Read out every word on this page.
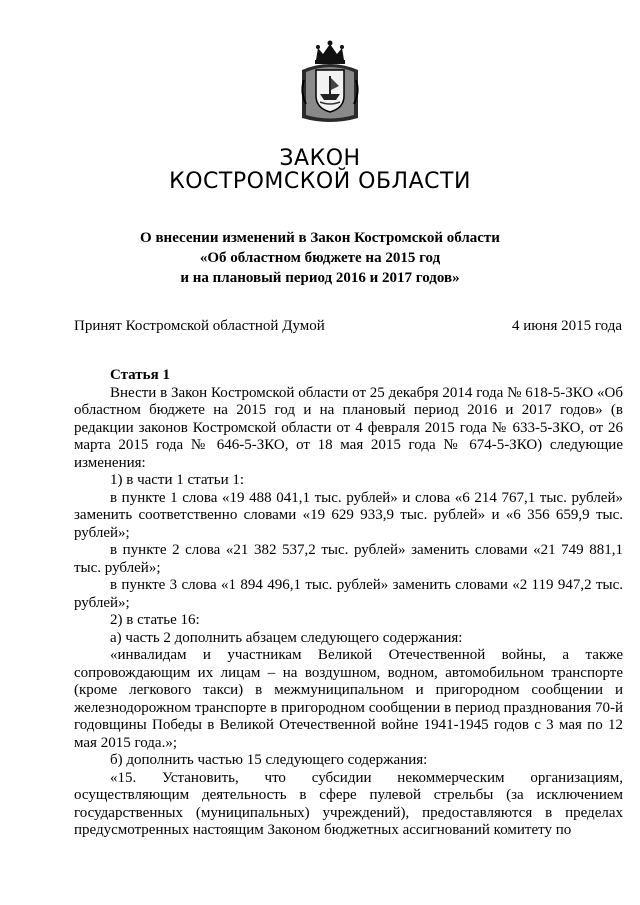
ЗАКОН
КОСТРОМСКОЙ ОБЛАСТИ
О внесении изменений в Закон Костромской области
«Об областном бюджете на 2015 год
и на плановый период 2016 и 2017 годов»
Принят Костромской областной Думой	4 июня 2015 года

Статья 1

Внести в Закон Костромской области от 25 декабря 2014 года № 618-5-ЗКО «Об областном бюджете на 2015 год и на плановый период 2016 и 2017 годов» (в редакции законов Костромской области от 4 февраля 2015 года № 633-5-ЗКО, от 26 марта 2015 года № 646-5-ЗКО, от 18 мая 2015 года № 674-5-ЗКО) следующие изменения:

1) в части 1 статьи 1:

в пункте 1 слова «19 488 041,1 тыс. рублей» и слова «6 214 767,1 тыс. рублей» заменить соответственно словами «19 629 933,9 тыс. рублей» и «6 356 659,9 тыс. рублей»;

в пункте 2 слова «21 382 537,2 тыс. рублей» заменить словами «21 749 881,1 тыс. рублей»;

в пункте 3 слова «1 894 496,1 тыс. рублей» заменить словами «2 119 947,2 тыс. рублей»;

2) в статье 16:

а) часть 2 дополнить абзацем следующего содержания:

«инвалидам и участникам Великой Отечественной войны, а также сопровождающим их лицам – на воздушном, водном, автомобильном транспорте (кроме легкового такси) в межмуниципальном и пригородном сообщении и железнодорожном транспорте в пригородном сообщении в период празднования 70-й годовщины Победы в Великой Отечественной войне 1941-1945 годов с 3 мая по 12 мая 2015 года.»;

б) дополнить частью 15 следующего содержания:

«15. Установить, что субсидии некоммерческим организациям, осуществляющим деятельность в сфере пулевой стрельбы (за исключением государственных (муниципальных) учреждений), предоставляются в пределах предусмотренных настоящим Законом бюджетных ассигнований комитету по
